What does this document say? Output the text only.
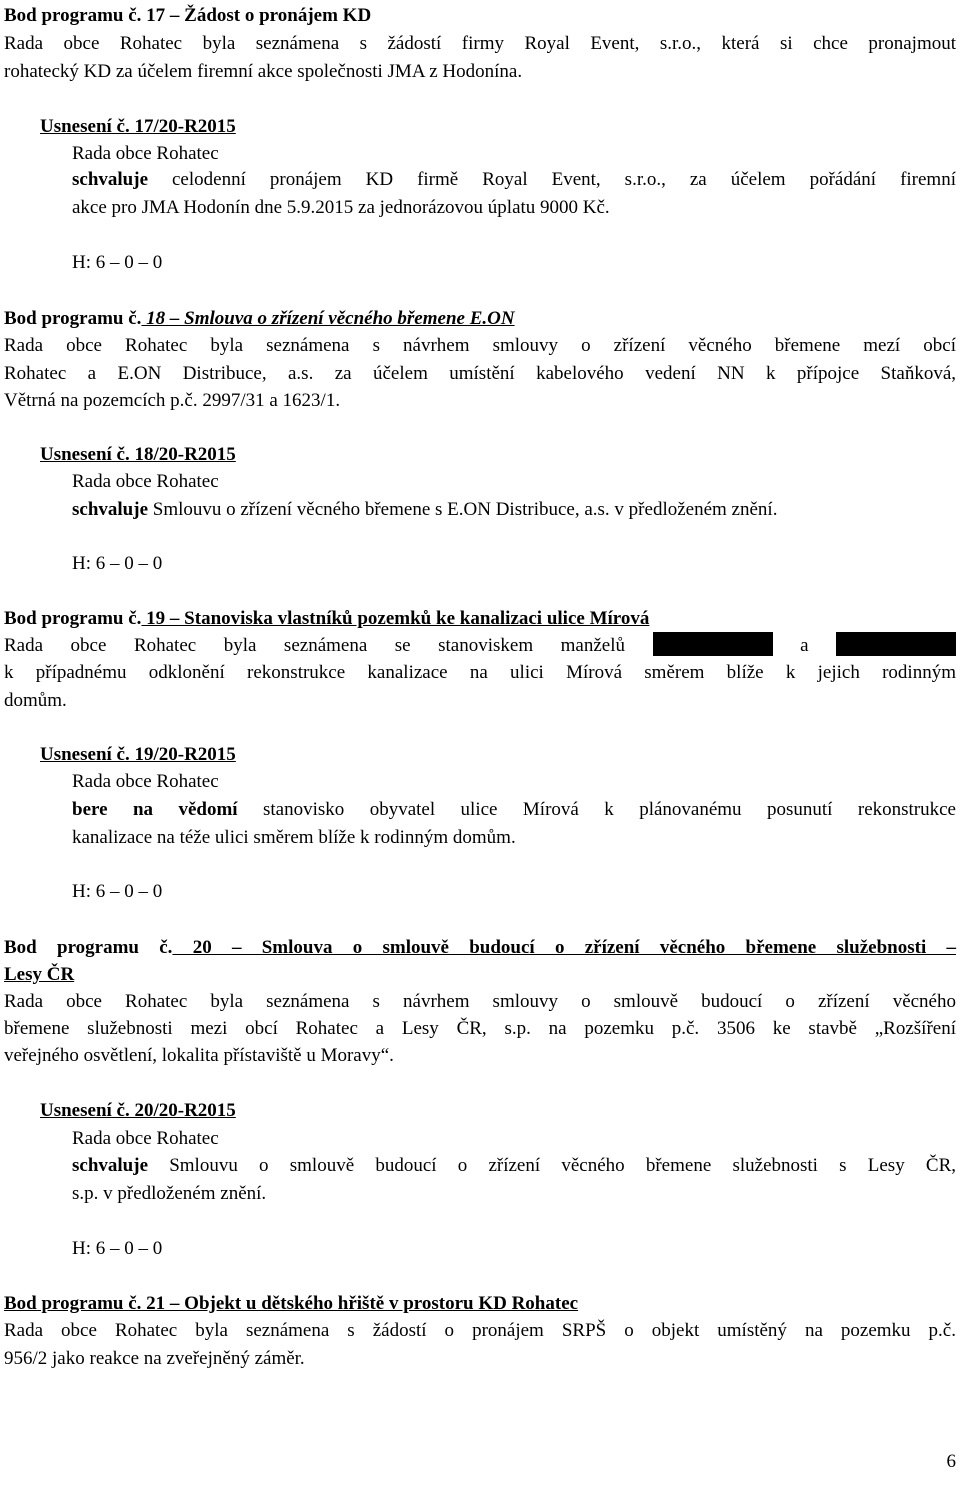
Bod programu č. 17 – Žádost o pronájem KD
Rada obce Rohatec byla seznámena s žádostí firmy Royal Event, s.r.o., která si chce pronajmout
rohatecký KD za účelem firemní akce společnosti JMA z Hodonína.
Usnesení č. 17/20-R2015
Rada obce Rohatec
schvaluje celodenní pronájem KD firmě Royal Event, s.r.o., za účelem pořádání firemní
akce pro JMA Hodonín dne 5.9.2015 za jednorázovou úplatu 9000 Kč.
H: 6 – 0 – 0
Bod programu č. 18 – Smlouva o zřízení věcného břemene E.ON
Rada obce Rohatec byla seznámena s návrhem smlouvy o zřízení věcného břemene mezí obcí
Rohatec a E.ON Distribuce, a.s. za účelem umístění kabelového vedení NN k přípojce Staňková,
Větrná na pozemcích p.č. 2997/31 a 1623/1.
Usnesení č. 18/20-R2015
Rada obce Rohatec
schvaluje Smlouvu o zřízení věcného břemene s E.ON Distribuce, a.s. v předloženém znění.
H: 6 – 0 – 0
Bod programu č. 19 – Stanoviska vlastníků pozemků ke kanalizaci ulice Mírová
Rada obce Rohatec byla seznámena se stanoviskem manželů	a
k případnému odklonění rekonstrukce kanalizace na ulici Mírová směrem blíže k jejich rodinným
domům.
Usnesení č. 19/20-R2015
Rada obce Rohatec
bere na vědomí stanovisko obyvatel ulice Mírová k plánovanému posunutí rekonstrukce
kanalizace na téže ulici směrem blíže k rodinným domům.
H: 6 – 0 – 0
Bod programu č. 20 – Smlouva o smlouvě budoucí o zřízení věcného břemene služebnosti –
Lesy ČR
Rada obce Rohatec byla seznámena s návrhem smlouvy o smlouvě budoucí o zřízení věcného
břemene služebnosti mezi obcí Rohatec a Lesy ČR, s.p. na pozemku p.č. 3506 ke stavbě „Rozšíření
veřejného osvětlení, lokalita přístaviště u Moravy“.
Usnesení č. 20/20-R2015
Rada obce Rohatec
schvaluje Smlouvu o smlouvě budoucí o zřízení věcného břemene služebnosti s Lesy ČR,
s.p. v předloženém znění.
H: 6 – 0 – 0
Bod programu č. 21 – Objekt u dětského hřiště v prostoru KD Rohatec
Rada obce Rohatec byla seznámena s žádostí o pronájem SRPŠ o objekt umístěný na pozemku p.č.
956/2 jako reakce na zveřejněný záměr.
6
